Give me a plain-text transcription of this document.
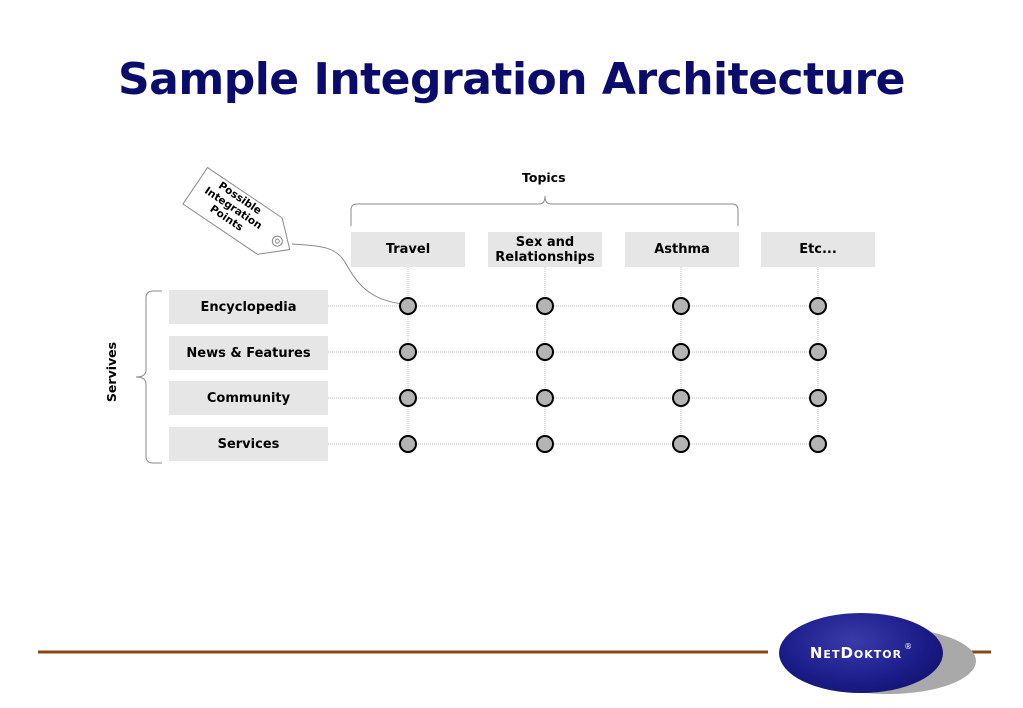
Sample Integration Architecture
Servives
Possible Integration Points
Topics
Travel	Sex and Relationships	Asthma	Etc...
Encyclopedia
News & Features
Community
Services
NetDoktor ®
